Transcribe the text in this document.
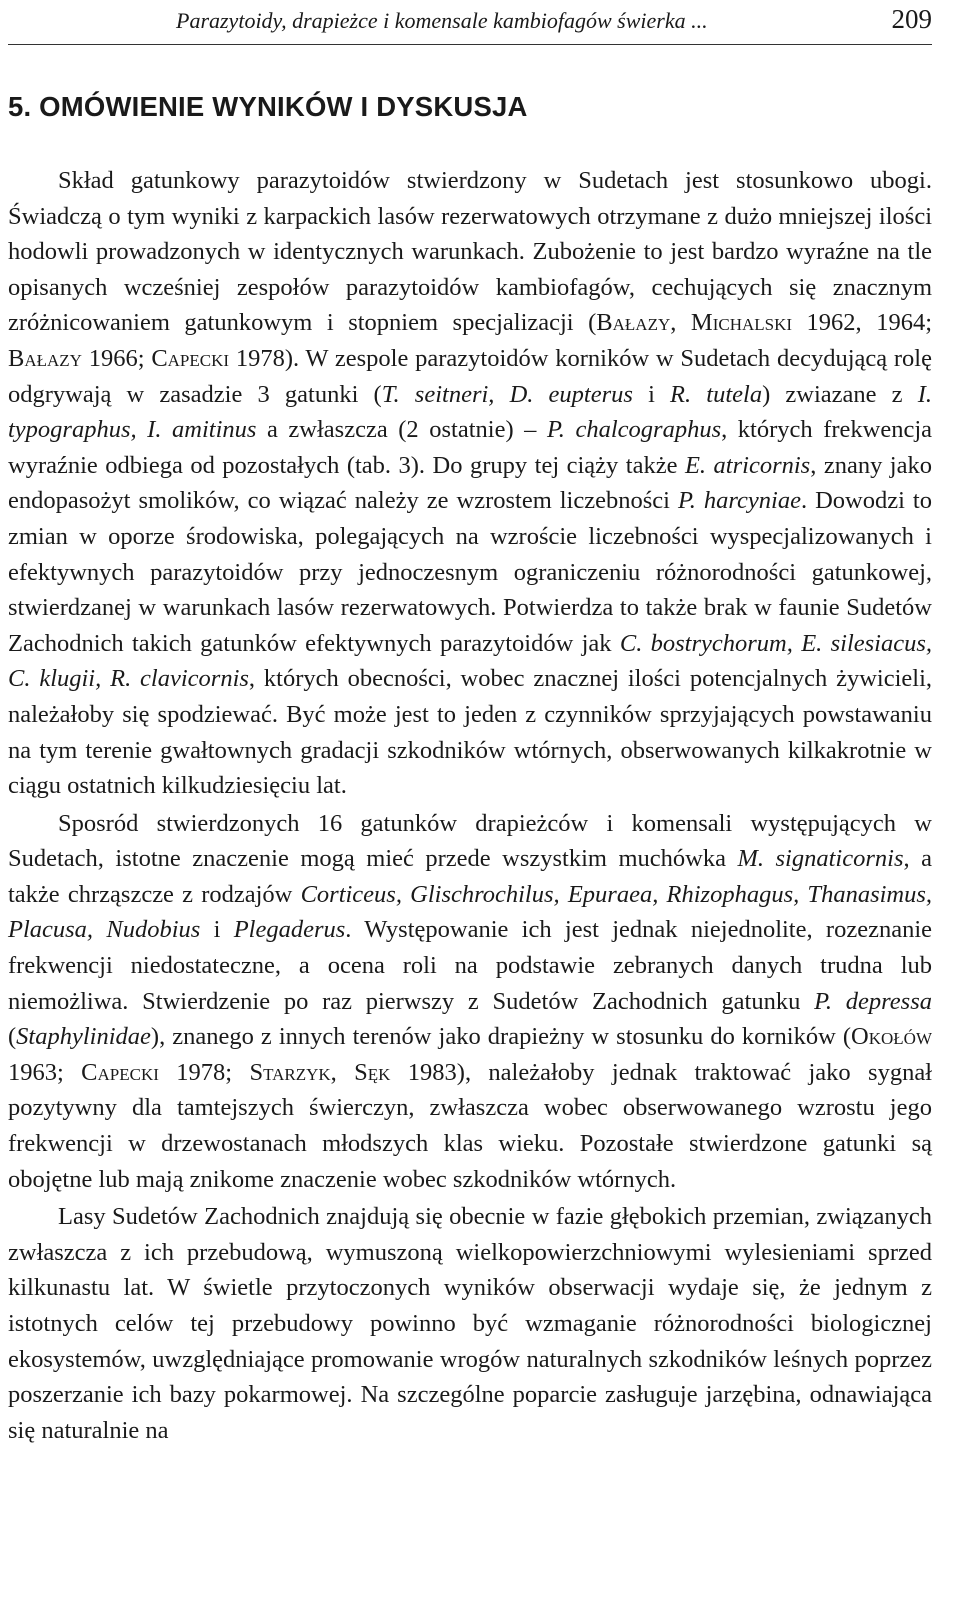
Parazytoidy, drapieżce i komensale kambiofagów świerka ...	209
5. OMÓWIENIE WYNIKÓW I DYSKUSJA

Skład gatunkowy parazytoidów stwierdzony w Sudetach jest stosunkowo ubogi. Świadczą o tym wyniki z karpackich lasów rezerwatowych otrzymane z dużo mniejszej ilości hodowli prowadzonych w identycznych warunkach. Zubożenie to jest bardzo wyraźne na tle opisanych wcześniej zespołów parazytoidów kambiofagów, cechujących się znacznym zróżnicowaniem gatunkowym i stopniem specjalizacji (Bałazy, Michalski 1962, 1964; Bałazy 1966; Capecki 1978). W zespole parazytoidów korników w Sudetach decydującą rolę odgrywają w zasadzie 3 gatunki (T. seitneri, D. eupterus i R. tutela) zwiazane z I. typographus, I. amitinus a zwłaszcza (2 ostatnie) – P. chalcographus, których frekwencja wyraźnie odbiega od pozostałych (tab. 3). Do grupy tej ciąży także E. atricornis, znany jako endopasożyt smolików, co wiązać należy ze wzrostem liczebności P. harcyniae. Dowodzi to zmian w oporze środowiska, polegających na wzroście liczebności wyspecjalizowanych i efektywnych parazytoidów przy jednoczesnym ograniczeniu różnorodności gatunkowej, stwierdzanej w warunkach lasów rezerwatowych. Potwierdza to także brak w faunie Sudetów Zachodnich takich gatunków efektywnych parazytoidów jak C. bostrychorum, E. silesiacus, C. klugii, R. clavicornis, których obecności, wobec znacznej ilości potencjalnych żywicieli, należałoby się spodziewać. Być może jest to jeden z czynników sprzyjających powstawaniu na tym terenie gwałtownych gradacji szkodników wtórnych, obserwowanych kilkakrotnie w ciągu ostatnich kilkudziesięciu lat.

Sposród stwierdzonych 16 gatunków drapieżców i komensali występujących w Sudetach, istotne znaczenie mogą mieć przede wszystkim muchówka M. signaticornis, a także chrząszcze z rodzajów Corticeus, Glischrochilus, Epuraea, Rhizophagus, Thanasimus, Placusa, Nudobius i Plegaderus. Występowanie ich jest jednak niejednolite, rozeznanie frekwencji niedostateczne, a ocena roli na podstawie zebranych danych trudna lub niemożliwa. Stwierdzenie po raz pierwszy z Sudetów Zachodnich gatunku P. depressa (Staphylinidae), znanego z innych terenów jako drapieżny w stosunku do korników (Okołów 1963; Capecki 1978; Starzyk, Sęk 1983), należałoby jednak traktować jako sygnał pozytywny dla tamtejszych świerczyn, zwłaszcza wobec obserwowanego wzrostu jego frekwencji w drzewostanach młodszych klas wieku. Pozostałe stwierdzone gatunki są obojętne lub mają znikome znaczenie wobec szkodników wtórnych.

Lasy Sudetów Zachodnich znajdują się obecnie w fazie głębokich przemian, związanych zwłaszcza z ich przebudową, wymuszoną wielkopowierzchniowymi wylesieniami sprzed kilkunastu lat. W świetle przytoczonych wyników obserwacji wydaje się, że jednym z istotnych celów tej przebudowy powinno być wzmaganie różnorodności biologicznej ekosystemów, uwzględniające promowanie wrogów naturalnych szkodników leśnych poprzez poszerzanie ich bazy pokarmowej. Na szczególne poparcie zasługuje jarzębina, odnawiająca się naturalnie na
